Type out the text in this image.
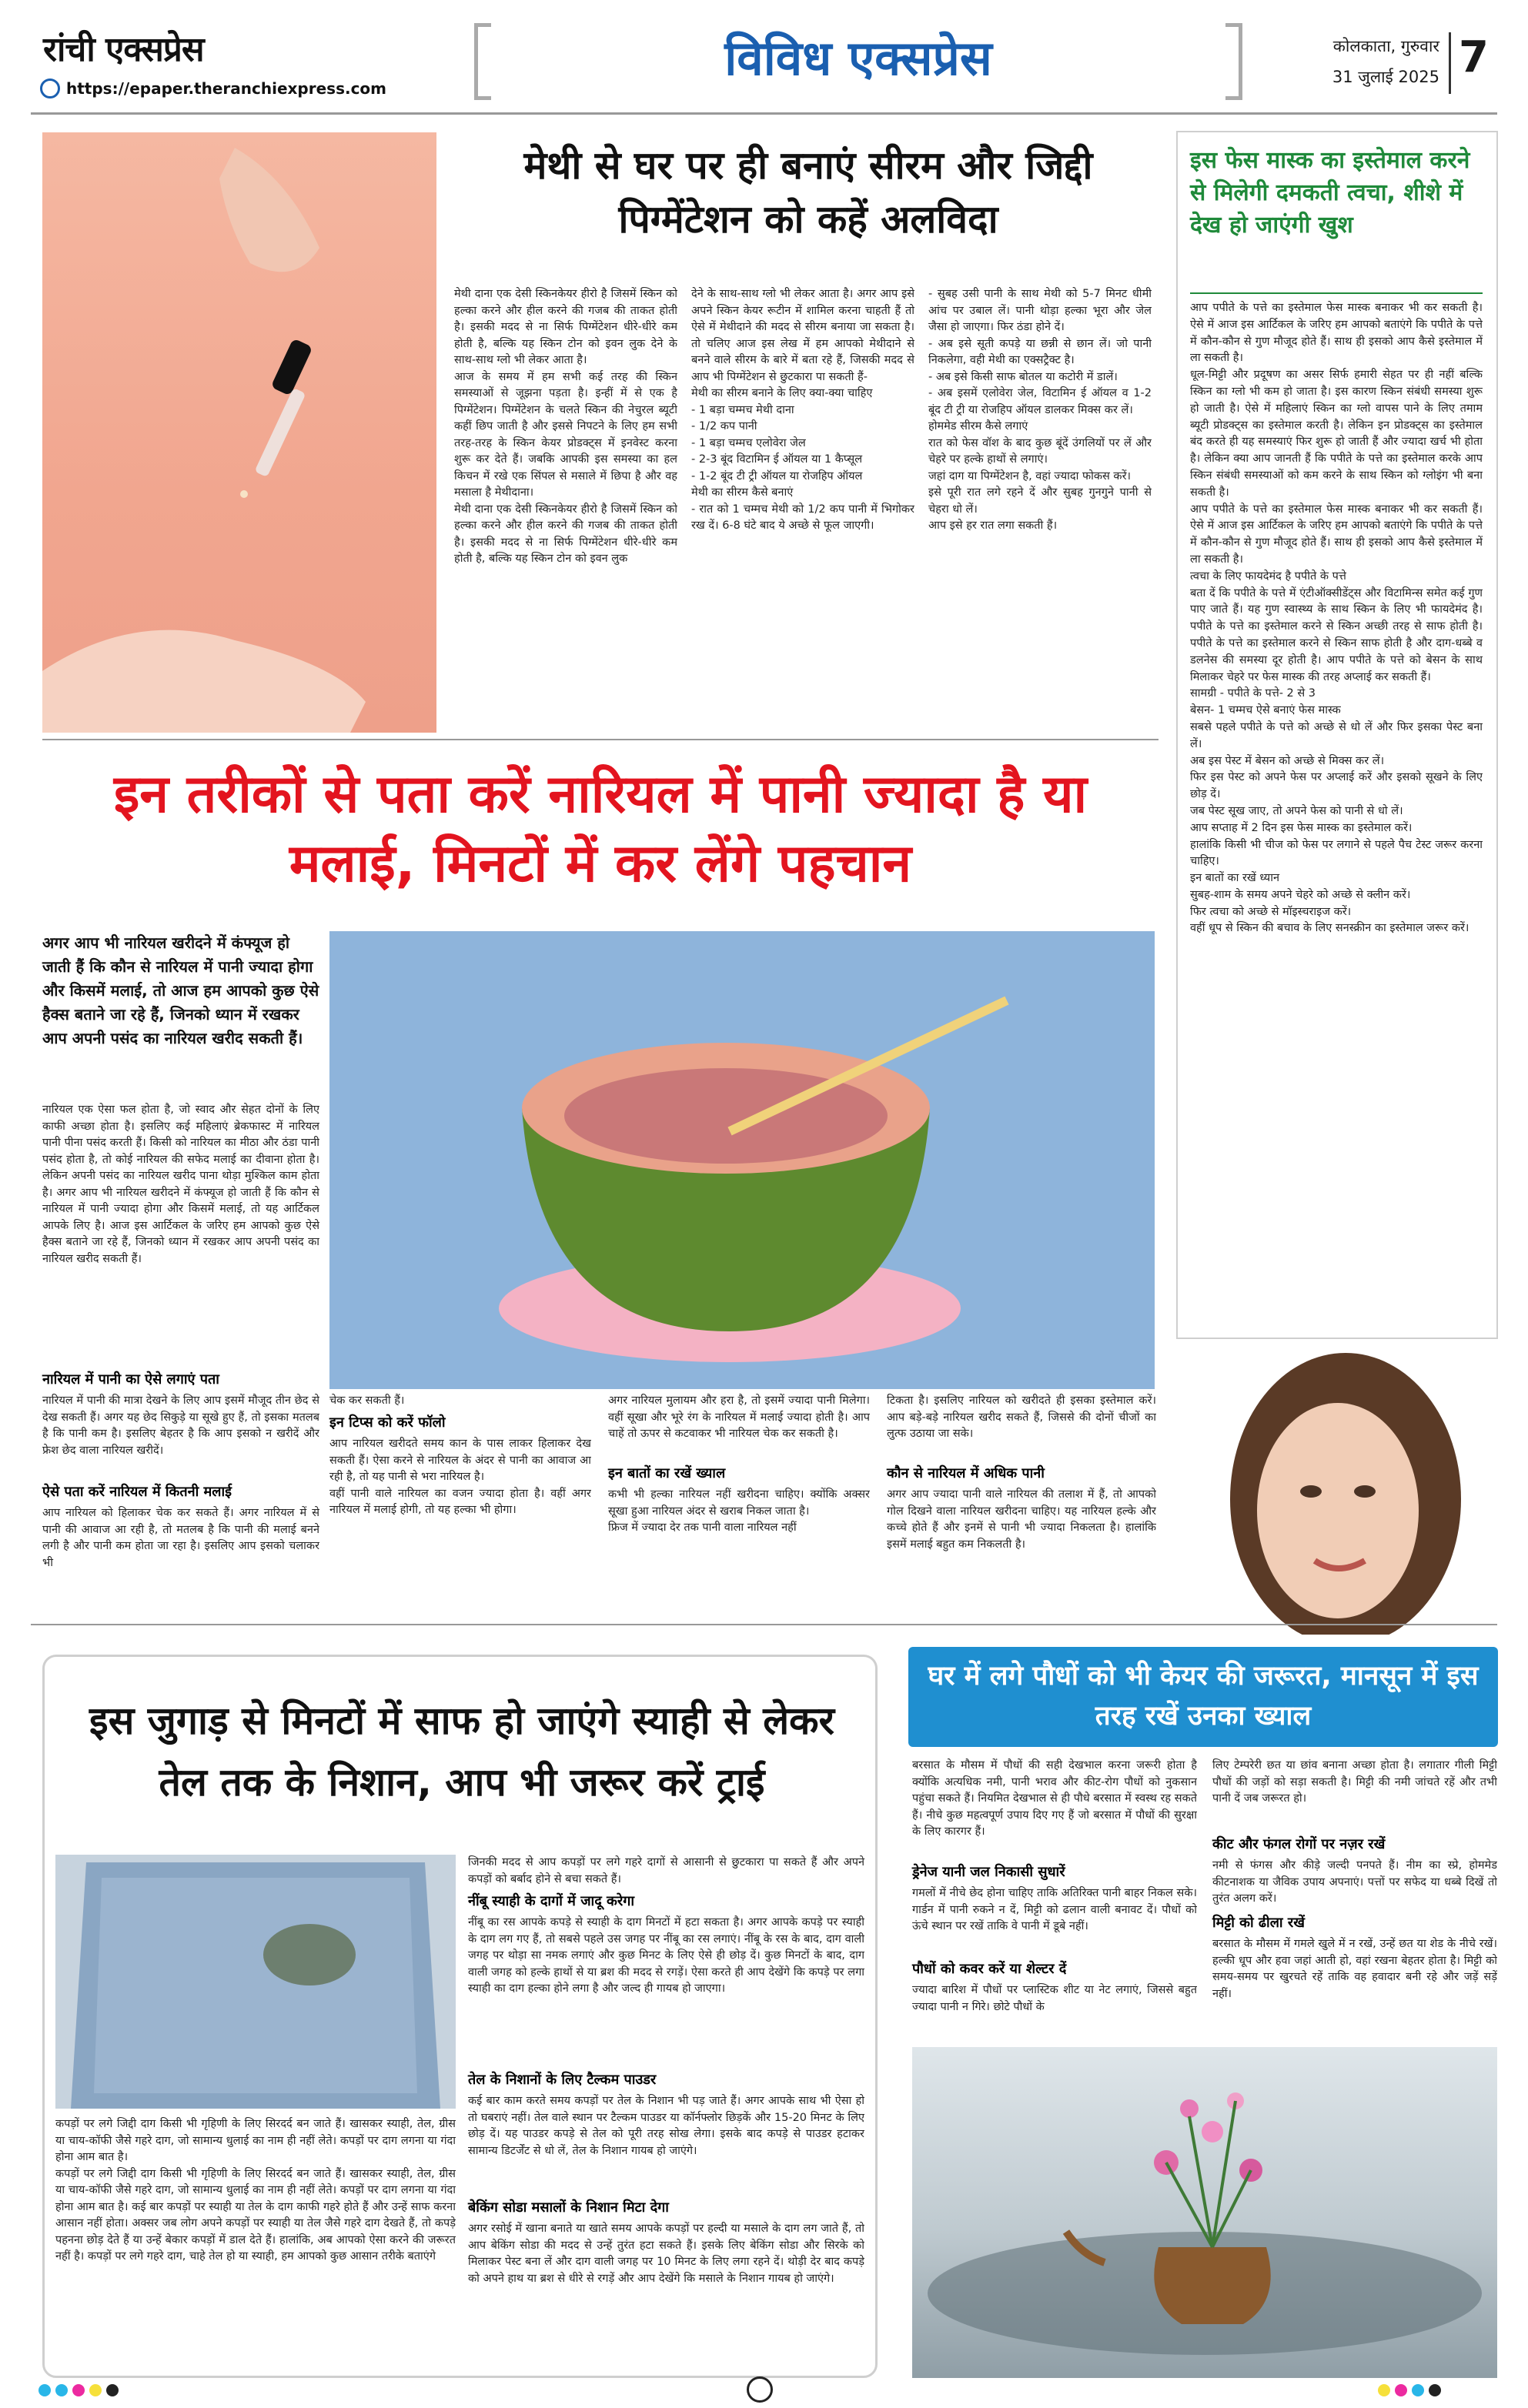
रांची एक्सप्रेस
https://epaper.theranchiexpress.com
विविध एक्सप्रेस	कोलकाता, गुरुवार
31 जुलाई 2025 7
मेथी से घर पर ही बनाएं सीरम और जिद्दी पिग्मेंटेशन को कहें अलविदा
मेथी दाना एक देसी स्किनकेयर हीरो है जिसमें स्किन को हल्का करने और हील करने की गजब की ताकत होती है। इसकी मदद से ना सिर्फ पिग्मेंटेशन धीरे-धीरे कम होती है, बल्कि यह स्किन टोन को इवन लुक देने के साथ-साथ ग्लो भी लेकर आता है।
आज के समय में हम सभी कई तरह की स्किन समस्याओं से जूझना पड़ता है। इन्हीं में से एक है पिग्मेंटेशन। पिग्मेंटेशन के चलते स्किन की नेचुरल ब्यूटी कहीं छिप जाती है और इससे निपटने के लिए हम सभी तरह-तरह के स्किन केयर प्रोडक्ट्स में इनवेस्ट करना शुरू कर देते हैं। जबकि आपकी इस समस्या का हल किचन में रखे एक सिंपल से मसाले में छिपा है और वह मसाला है मेथीदाना।
मेथी दाना एक देसी स्किनकेयर हीरो है जिसमें स्किन को हल्का करने और हील करने की गजब की ताकत होती है। इसकी मदद से ना सिर्फ पिग्मेंटेशन धीरे-धीरे कम होती है, बल्कि यह स्किन टोन को इवन लुक
देने के साथ-साथ ग्लो भी लेकर आता है। अगर आप इसे अपने स्किन केयर रूटीन में शामिल करना चाहती हैं तो ऐसे में मेथीदाने की मदद से सीरम बनाया जा सकता है। तो चलिए आज इस लेख में हम आपको मेथीदाने से बनने वाले सीरम के बारे में बता रहे हैं, जिसकी मदद से आप भी पिग्मेंटेशन से छुटकारा पा सकती हैं-
मेथी का सीरम बनाने के लिए क्या-क्या चाहिए
- 1 बड़ा चम्मच मेथी दाना
- 1/2 कप पानी
- 1 बड़ा चम्मच एलोवेरा जेल
- 2-3 बूंद विटामिन ई ऑयल या 1 कैप्सूल
- 1-2 बूंद टी ट्री ऑयल या रोजहिप ऑयल
मेथी का सीरम कैसे बनाएं
- रात को 1 चम्मच मेथी को 1/2 कप पानी में भिगोकर रख दें। 6-8 घंटे बाद ये अच्छे से फूल जाएगी।
- सुबह उसी पानी के साथ मेथी को 5-7 मिनट धीमी आंच पर उबाल लें। पानी थोड़ा हल्का भूरा और जेल जैसा हो जाएगा। फिर ठंडा होने दें।
- अब इसे सूती कपड़े या छन्नी से छान लें। जो पानी निकलेगा, वही मेथी का एक्सट्रैक्ट है।
- अब इसे किसी साफ बोतल या कटोरी में डालें।
- अब इसमें एलोवेरा जेल, विटामिन ई ऑयल व 1-2 बूंद टी ट्री या रोजहिप ऑयल डालकर मिक्स कर लें।
होममेड सीरम कैसे लगाएं
रात को फेस वॉश के बाद कुछ बूंदें उंगलियों पर लें और चेहरे पर हल्के हाथों से लगाएं।
जहां दाग या पिग्मेंटेशन है, वहां ज्यादा फोकस करें।
इसे पूरी रात लगे रहने दें और सुबह गुनगुने पानी से चेहरा धो लें।
आप इसे हर रात लगा सकती हैं।
इस फेस मास्क का इस्तेमाल करने से मिलेगी दमकती त्वचा, शीशे में देख हो जाएंगी खुश
आप पपीते के पत्ते का इस्तेमाल फेस मास्क बनाकर भी कर सकती है। ऐसे में आज इस आर्टिकल के जरिए हम आपको बताएंगे कि पपीते के पत्ते में कौन-कौन से गुण मौजूद होते हैं। साथ ही इसको आप कैसे इस्तेमाल में ला सकती है।
धूल-मिट्टी और प्रदूषण का असर सिर्फ हमारी सेहत पर ही नहीं बल्कि स्किन का ग्लो भी कम हो जाता है। इस कारण स्किन संबंधी समस्या शुरू हो जाती है। ऐसे में महिलाएं स्किन का ग्लो वापस पाने के लिए तमाम ब्यूटी प्रोडक्ट्स का इस्तेमाल करती है। लेकिन इन प्रोडक्ट्स का इस्तेमाल बंद करते ही यह समस्याएं फिर शुरू हो जाती हैं और ज्यादा खर्च भी होता है। लेकिन क्या आप जानती हैं कि पपीते के पत्ते का इस्तेमाल करके आप स्किन संबंधी समस्याओं को कम करने के साथ स्किन को ग्लोइंग भी बना सकती है।
आप पपीते के पत्ते का इस्तेमाल फेस मास्क बनाकर भी कर सकती हैं। ऐसे में आज इस आर्टिकल के जरिए हम आपको बताएंगे कि पपीते के पत्ते में कौन-कौन से गुण मौजूद होते हैं। साथ ही इसको आप कैसे इस्तेमाल में ला सकती है।
त्वचा के लिए फायदेमंद है पपीते के पत्ते
बता दें कि पपीते के पत्ते में एंटीऑक्सीडेंट्स और विटामिन्स समेत कई गुण पाए जाते हैं। यह गुण स्वास्थ्य के साथ स्किन के लिए भी फायदेमंद है। पपीते के पत्ते का इस्तेमाल करने से स्किन अच्छी तरह से साफ होती है। पपीते के पत्ते का इस्तेमाल करने से स्किन साफ होती है और दाग-धब्बे व डलनेस की समस्या दूर होती है। आप पपीते के पत्ते को बेसन के साथ मिलाकर चेहरे पर फेस मास्क की तरह अप्लाई कर सकती हैं।
सामग्री - पपीते के पत्ते- 2 से 3
बेसन- 1 चम्मच ऐसे बनाएं फेस मास्क
सबसे पहले पपीते के पत्ते को अच्छे से धो लें और फिर इसका पेस्ट बना लें।
अब इस पेस्ट में बेसन को अच्छे से मिक्स कर लें।
फिर इस पेस्ट को अपने फेस पर अप्लाई करें और इसको सूखने के लिए छोड़ दें।
जब पेस्ट सूख जाए, तो अपने फेस को पानी से धो लें।
आप सप्ताह में 2 दिन इस फेस मास्क का इस्तेमाल करें।
हालांकि किसी भी चीज को फेस पर लगाने से पहले पैच टेस्ट जरूर करना चाहिए।
इन बातों का रखें ध्यान
सुबह-शाम के समय अपने चेहरे को अच्छे से क्लीन करें।
फिर त्वचा को अच्छे से मॉइस्चराइज करें।
वहीं धूप से स्किन की बचाव के लिए सनस्क्रीन का इस्तेमाल जरूर करें।
इन तरीकों से पता करें नारियल में पानी ज्यादा है या मलाई, मिनटों में कर लेंगे पहचान
अगर आप भी नारियल खरीदने में कंफ्यूज हो जाती हैं कि कौन से नारियल में पानी ज्यादा होगा और किसमें मलाई, तो आज हम आपको कुछ ऐसे हैक्स बताने जा रहे हैं, जिनको ध्यान में रखकर आप अपनी पसंद का नारियल खरीद सकती हैं।
नारियल एक ऐसा फल होता है, जो स्वाद और सेहत दोनों के लिए काफी अच्छा होता है। इसलिए कई महिलाएं ब्रेकफास्ट में नारियल पानी पीना पसंद करती हैं। किसी को नारियल का मीठा और ठंडा पानी पसंद होता है, तो कोई नारियल की सफेद मलाई का दीवाना होता है। लेकिन अपनी पसंद का नारियल खरीद पाना थोड़ा मुश्किल काम होता है। अगर आप भी नारियल खरीदने में कंफ्यूज हो जाती हैं कि कौन से नारियल में पानी ज्यादा होगा और किसमें मलाई, तो यह आर्टिकल आपके लिए है। आज इस आर्टिकल के जरिए हम आपको कुछ ऐसे हैक्स बताने जा रहे हैं, जिनको ध्यान में रखकर आप अपनी पसंद का नारियल खरीद सकती हैं।
नारियल में पानी का ऐसे लगाएं पता
नारियल में पानी की मात्रा देखने के लिए आप इसमें मौजूद तीन छेद से देख सकती हैं। अगर यह छेद सिकुड़े या सूखे हुए हैं, तो इसका मतलब है कि पानी कम है। इसलिए बेहतर है कि आप इसको न खरीदें और फ्रेश छेद वाला नारियल खरीदें।
ऐसे पता करें नारियल में कितनी मलाई
आप नारियल को हिलाकर चेक कर सकते हैं। अगर नारियल में से पानी की आवाज आ रही है, तो मतलब है कि पानी की मलाई बनने लगी है और पानी कम होता जा रहा है। इसलिए आप इसको चलाकर भी
चेक कर सकती हैं।
इन टिप्स को करें फॉलो
आप नारियल खरीदते समय कान के पास लाकर हिलाकर देख सकती हैं। ऐसा करने से नारियल के अंदर से पानी का आवाज आ रही है, तो यह पानी से भरा नारियल है।
वहीं पानी वाले नारियल का वजन ज्यादा होता है। वहीं अगर नारियल में मलाई होगी, तो यह हल्का भी होगा।
अगर नारियल मुलायम और हरा है, तो इसमें ज्यादा पानी मिलेगा। वहीं सूखा और भूरे रंग के नारियल में मलाई ज्यादा होती है। आप चाहें तो ऊपर से कटवाकर भी नारियल चेक कर सकती है।
इन बातों का रखें ख्याल
कभी भी हल्का नारियल नहीं खरीदना चाहिए। क्योंकि अक्सर सूखा हुआ नारियल अंदर से खराब निकल जाता है।
फ्रिज में ज्यादा देर तक पानी वाला नारियल नहीं
टिकता है। इसलिए नारियल को खरीदते ही इसका इस्तेमाल करें। आप बड़े-बड़े नारियल खरीद सकते हैं, जिससे की दोनों चीजों का लुत्फ उठाया जा सके।
कौन से नारियल में अधिक पानी
अगर आप ज्यादा पानी वाले नारियल की तलाश में हैं, तो आपको गोल दिखने वाला नारियल खरीदना चाहिए। यह नारियल हल्के और कच्चे होते हैं और इनमें से पानी भी ज्यादा निकलता है। हालांकि इसमें मलाई बहुत कम निकलती है।
इस जुगाड़ से मिनटों में साफ हो जाएंगे स्याही से लेकर तेल तक के निशान, आप भी जरूर करें ट्राई
कपड़ों पर लगे जिद्दी दाग किसी भी गृहिणी के लिए सिरदर्द बन जाते हैं। खासकर स्याही, तेल, ग्रीस या चाय-कॉफी जैसे गहरे दाग, जो सामान्य धुलाई का नाम ही नहीं लेते। कपड़ों पर दाग लगना या गंदा होना आम बात है।
कपड़ों पर लगे जिद्दी दाग किसी भी गृहिणी के लिए सिरदर्द बन जाते हैं। खासकर स्याही, तेल, ग्रीस या चाय-कॉफी जैसे गहरे दाग, जो सामान्य धुलाई का नाम ही नहीं लेते। कपड़ों पर दाग लगना या गंदा होना आम बात है। कई बार कपड़ों पर स्याही या तेल के दाग काफी गहरे होते हैं और उन्हें साफ करना आसान नहीं होता। अक्सर जब लोग अपने कपड़ों पर स्याही या तेल जैसे गहरे दाग देखते हैं, तो कपड़े पहनना छोड़ देते हैं या उन्हें बेकार कपड़ों में डाल देते हैं। हालांकि, अब आपको ऐसा करने की जरूरत नहीं है। कपड़ों पर लगे गहरे दाग, चाहे तेल हो या स्याही, हम आपको कुछ आसान तरीके बताएंगे
जिनकी मदद से आप कपड़ों पर लगे गहरे दागों से आसानी से छुटकारा पा सकते हैं और अपने कपड़ों को बर्बाद होने से बचा सकते हैं।
नींबू स्याही के दागों में जादू करेगा
नींबू का रस आपके कपड़े से स्याही के दाग मिनटों में हटा सकता है। अगर आपके कपड़े पर स्याही के दाग लग गए हैं, तो सबसे पहले उस जगह पर नींबू का रस लगाएं। नींबू के रस के बाद, दाग वाली जगह पर थोड़ा सा नमक लगाएं और कुछ मिनट के लिए ऐसे ही छोड़ दें। कुछ मिनटों के बाद, दाग वाली जगह को हल्के हाथों से या ब्रश की मदद से रगड़ें। ऐसा करते ही आप देखेंगे कि कपड़े पर लगा स्याही का दाग हल्का होने लगा है और जल्द ही गायब हो जाएगा।
तेल के निशानों के लिए टैल्कम पाउडर
कई बार काम करते समय कपड़ों पर तेल के निशान भी पड़ जाते हैं। अगर आपके साथ भी ऐसा हो तो घबराएं नहीं। तेल वाले स्थान पर टैल्कम पाउडर या कॉर्नफ्लोर छिड़कें और 15-20 मिनट के लिए छोड़ दें। यह पाउडर कपड़े से तेल को पूरी तरह सोख लेगा। इसके बाद कपड़े से पाउडर हटाकर सामान्य डिटर्जेंट से धो लें, तेल के निशान गायब हो जाएंगे।
बेकिंग सोडा मसालों के निशान मिटा देगा
अगर रसोई में खाना बनाते या खाते समय आपके कपड़ों पर हल्दी या मसाले के दाग लग जाते हैं, तो आप बेकिंग सोडा की मदद से उन्हें तुरंत हटा सकते हैं। इसके लिए बेकिंग सोडा और सिरके को मिलाकर पेस्ट बना लें और दाग वाली जगह पर 10 मिनट के लिए लगा रहने दें। थोड़ी देर बाद कपड़े को अपने हाथ या ब्रश से धीरे से रगड़ें और आप देखेंगे कि मसाले के निशान गायब हो जाएंगे।
घर में लगे पौधों को भी केयर की जरूरत, मानसून में इस तरह रखें उनका ख्याल
बरसात के मौसम में पौधों की सही देखभाल करना जरूरी होता है क्योंकि अत्यधिक नमी, पानी भराव और कीट-रोग पौधों को नुकसान पहुंचा सकते हैं। नियमित देखभाल से ही पौधे बरसात में स्वस्थ रह सकते हैं। नीचे कुछ महत्वपूर्ण उपाय दिए गए हैं जो बरसात में पौधों की सुरक्षा के लिए कारगर हैं।
ड्रेनेज यानी जल निकासी सुधारें
गमलों में नीचे छेद होना चाहिए ताकि अतिरिक्त पानी बाहर निकल सके। गार्डन में पानी रुकने न दें, मिट्टी को ढलान वाली बनावट दें। पौधों को ऊंचे स्थान पर रखें ताकि वे पानी में डूबे नहीं।
पौधों को कवर करें या शेल्टर दें
ज्यादा बारिश में पौधों पर प्लास्टिक शीट या नेट लगाएं, जिससे बहुत ज्यादा पानी न गिरे। छोटे पौधों के
लिए टेम्परेरी छत या छांव बनाना अच्छा होता है। लगातार गीली मिट्टी पौधों की जड़ों को सड़ा सकती है। मिट्टी की नमी जांचते रहें और तभी पानी दें जब जरूरत हो।
कीट और फंगल रोगों पर नज़र रखें
नमी से फंगस और कीड़े जल्दी पनपते हैं। नीम का स्प्रे, होममेड कीटनाशक या जैविक उपाय अपनाएं। पत्तों पर सफेद या धब्बे दिखें तो तुरंत अलग करें।
मिट्टी को ढीला रखें
बरसात के मौसम में गमले खुले में न रखें, उन्हें छत या शेड के नीचे रखें। हल्की धूप और हवा जहां आती हो, वहां रखना बेहतर होता है। मिट्टी को समय-समय पर खुरचते रहें ताकि वह हवादार बनी रहे और जड़ें सड़ें नहीं।
